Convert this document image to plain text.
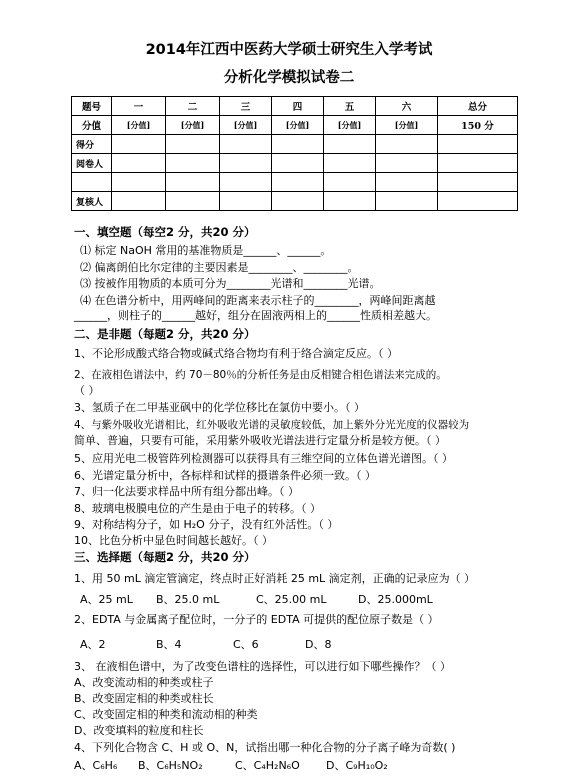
2014年江西中医药大学硕士研究生入学考试
分析化学模拟试卷二
题号	一	二	三	四	五	六	总分
分值	[分值]	[分值]	[分值]	[分值]	[分值]	[分值]	150 分
得分							
阅卷人							

复核人							
一、填空题（每空2 分，共20 分）
⑴ 标定 NaOH 常用的基准物质是______、______。
⑵ 偏离朗伯比尔定律的主要因素是________、________。
⑶ 按被作用物质的本质可分为________光谱和________光谱。
⑷ 在色谱分析中，用两峰间的距离来表示柱子的________，两峰间距离越
______，则柱子的______越好，组分在固液两相上的______性质相差越大。
二、是非题（每题2 分，共20 分）
1、不论形成酸式络合物或碱式络合物均有利于络合滴定反应。（ ）
2、在液相色谱法中，约 70－80％的分析任务是由反相键合相色谱法来完成的。
（ ）
3、氢质子在二甲基亚砜中的化学位移比在氯仿中要小。（ ）
4、与紫外吸收光谱相比，红外吸收光谱的灵敏度较低，加上紫外分光光度的仪器较为
简单、普遍，只要有可能，采用紫外吸收光谱法进行定量分析是较方便。（ ）
5、应用光电二极管阵列检测器可以获得具有三维空间的立体色谱光谱图。（ ）
6、光谱定量分析中，各标样和试样的摄谱条件必须一致。（ ）
7、归一化法要求样品中所有组分都出峰。（ ）
8、玻璃电极膜电位的产生是由于电子的转移。（ ）
9、对称结构分子，如 H₂O 分子，没有红外活性。（ ）
10、比色分析中显色时间越长越好。（ ）
三、选择题（每题2 分，共20 分）
1、用 50 mL 滴定管滴定，终点时正好消耗 25 mL 滴定剂，正确的记录应为（ ）
A、25 mL B、25.0 mL	C、25.00 mL	D、25.000mL
2、EDTA 与金属离子配位时，一分子的 EDTA 可提供的配位原子数是（ ）
A、2	B、4	C、6	D、8
3、 在液相色谱中，为了改变色谱柱的选择性，可以进行如下哪些操作？（ ）
A、改变流动相的种类或柱子
B、改变固定相的种类或柱长
C、改变固定相的种类和流动相的种类
D、改变填料的粒度和柱长
4、下列化合物含 C、H 或 O、N，试指出哪一种化合物的分子离子峰为奇数( )
A、C₆H₆ B、C₆H₅NO₂	C、C₄H₂N₆O D、C₉H₁₀O₂
